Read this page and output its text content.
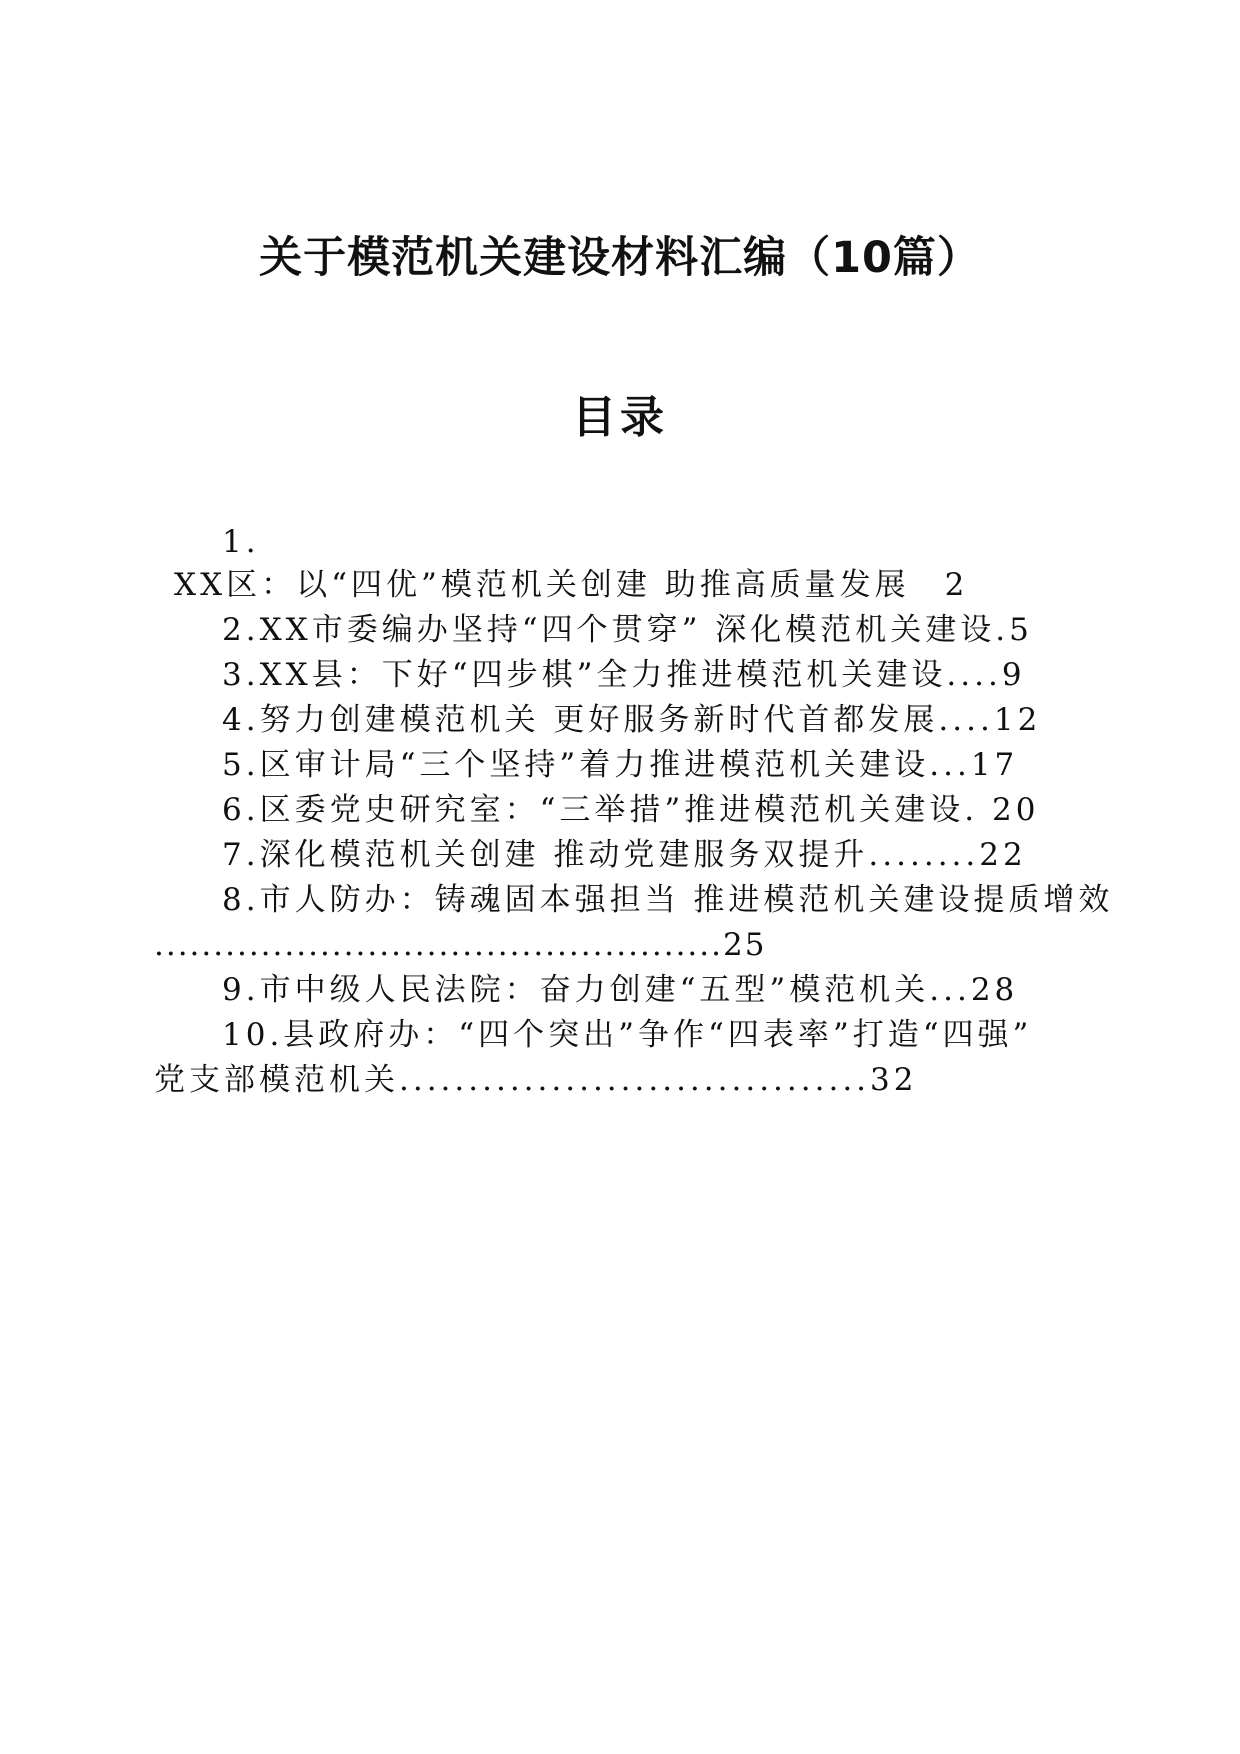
关于模范机关建设材料汇编（10篇）
目录
1.
XX区：以“四优”模范机关创建 助推高质量发展　2
2.XX市委编办坚持“四个贯穿” 深化模范机关建设.5
3.XX县：下好“四步棋”全力推进模范机关建设....9
4.努力创建模范机关 更好服务新时代首都发展....12
5.区审计局“三个坚持”着力推进模范机关建设...17
6.区委党史研究室：“三举措”推进模范机关建设. 20
7.深化模范机关创建 推动党建服务双提升........22
8.市人防办：铸魂固本强担当 推进模范机关建设提质增效
................................................25
9.市中级人民法院：奋力创建“五型”模范机关...28
10.县政府办：“四个突出”争作“四表率”打造“四强”
党支部模范机关..................................32
